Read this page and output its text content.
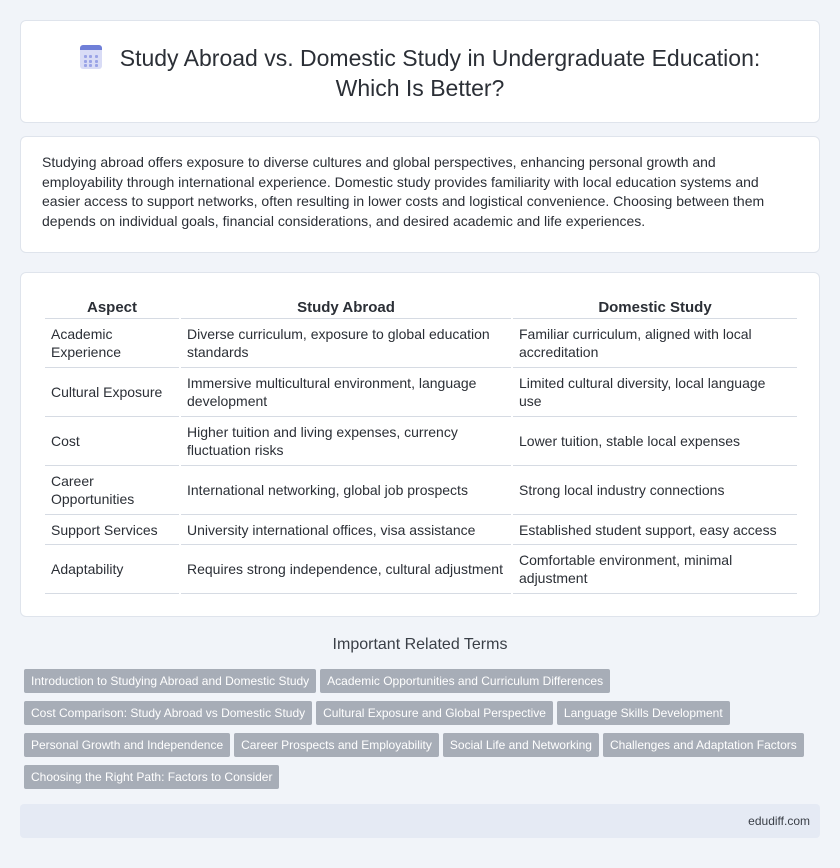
Study Abroad vs. Domestic Study in Undergraduate Education: Which Is Better?
Studying abroad offers exposure to diverse cultures and global perspectives, enhancing personal growth and employability through international experience. Domestic study provides familiarity with local education systems and easier access to support networks, often resulting in lower costs and logistical convenience. Choosing between them depends on individual goals, financial considerations, and desired academic and life experiences.
Aspect	Study Abroad	Domestic Study
Academic Experience	Diverse curriculum, exposure to global education standards	Familiar curriculum, aligned with local accreditation
Cultural Exposure	Immersive multicultural environment, language development	Limited cultural diversity, local language use
Cost	Higher tuition and living expenses, currency fluctuation risks	Lower tuition, stable local expenses
Career Opportunities	International networking, global job prospects	Strong local industry connections
Support Services	University international offices, visa assistance	Established student support, easy access
Adaptability	Requires strong independence, cultural adjustment	Comfortable environment, minimal adjustment
Important Related Terms
Introduction to Studying Abroad and Domestic Study Academic Opportunities and Curriculum Differences
Cost Comparison: Study Abroad vs Domestic Study Cultural Exposure and Global Perspective Language Skills Development
Personal Growth and Independence Career Prospects and Employability Social Life and Networking Challenges and Adaptation Factors
Choosing the Right Path: Factors to Consider
edudiff.com
